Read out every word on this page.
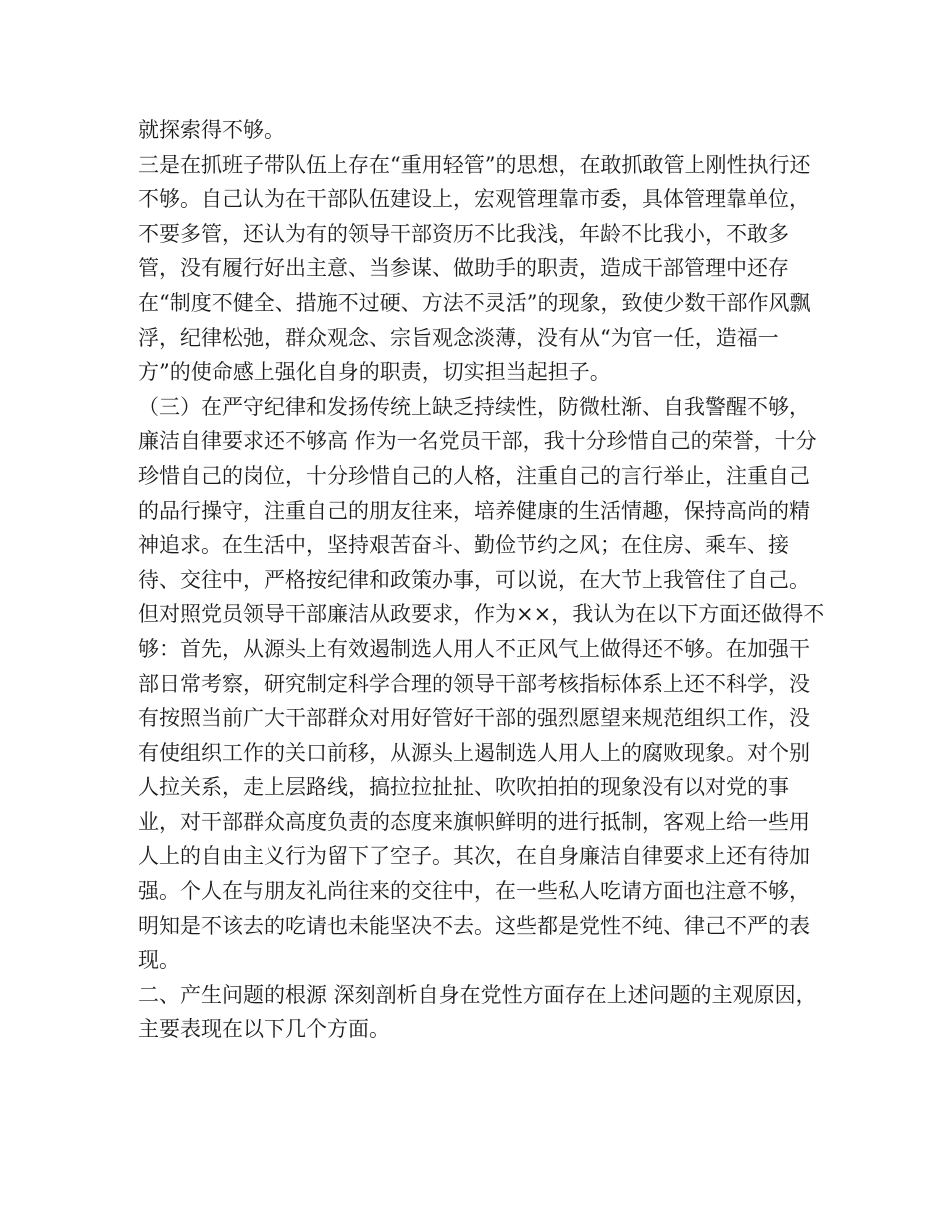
就探索得不够。

三是在抓班子带队伍上存在“重用轻管”的思想，在敢抓敢管上刚性执行还不够。自己认为在干部队伍建设上，宏观管理靠市委，具体管理靠单位，不要多管，还认为有的领导干部资历不比我浅，年龄不比我小，不敢多管，没有履行好出主意、当参谋、做助手的职责，造成干部管理中还存在“制度不健全、措施不过硬、方法不灵活”的现象，致使少数干部作风飘浮，纪律松弛，群众观念、宗旨观念淡薄，没有从“为官一任，造福一方”的使命感上强化自身的职责，切实担当起担子。

（三）在严守纪律和发扬传统上缺乏持续性，防微杜渐、自我警醒不够，廉洁自律要求还不够高 作为一名党员干部，我十分珍惜自己的荣誉，十分珍惜自己的岗位，十分珍惜自己的人格，注重自己的言行举止，注重自己的品行操守，注重自己的朋友往来，培养健康的生活情趣，保持高尚的精神追求。在生活中，坚持艰苦奋斗、勤俭节约之风；在住房、乘车、接待、交往中，严格按纪律和政策办事，可以说，在大节上我管住了自己。但对照党员领导干部廉洁从政要求，作为××，我认为在以下方面还做得不够：首先，从源头上有效遏制选人用人不正风气上做得还不够。在加强干部日常考察，研究制定科学合理的领导干部考核指标体系上还不科学，没有按照当前广大干部群众对用好管好干部的强烈愿望来规范组织工作，没有使组织工作的关口前移，从源头上遏制选人用人上的腐败现象。对个别人拉关系，走上层路线，搞拉拉扯扯、吹吹拍拍的现象没有以对党的事业，对干部群众高度负责的态度来旗帜鲜明的进行抵制，客观上给一些用人上的自由主义行为留下了空子。其次，在自身廉洁自律要求上还有待加强。个人在与朋友礼尚往来的交往中，在一些私人吃请方面也注意不够，明知是不该去的吃请也未能坚决不去。这些都是党性不纯、律己不严的表现。

二、产生问题的根源 深刻剖析自身在党性方面存在上述问题的主观原因，主要表现在以下几个方面。
